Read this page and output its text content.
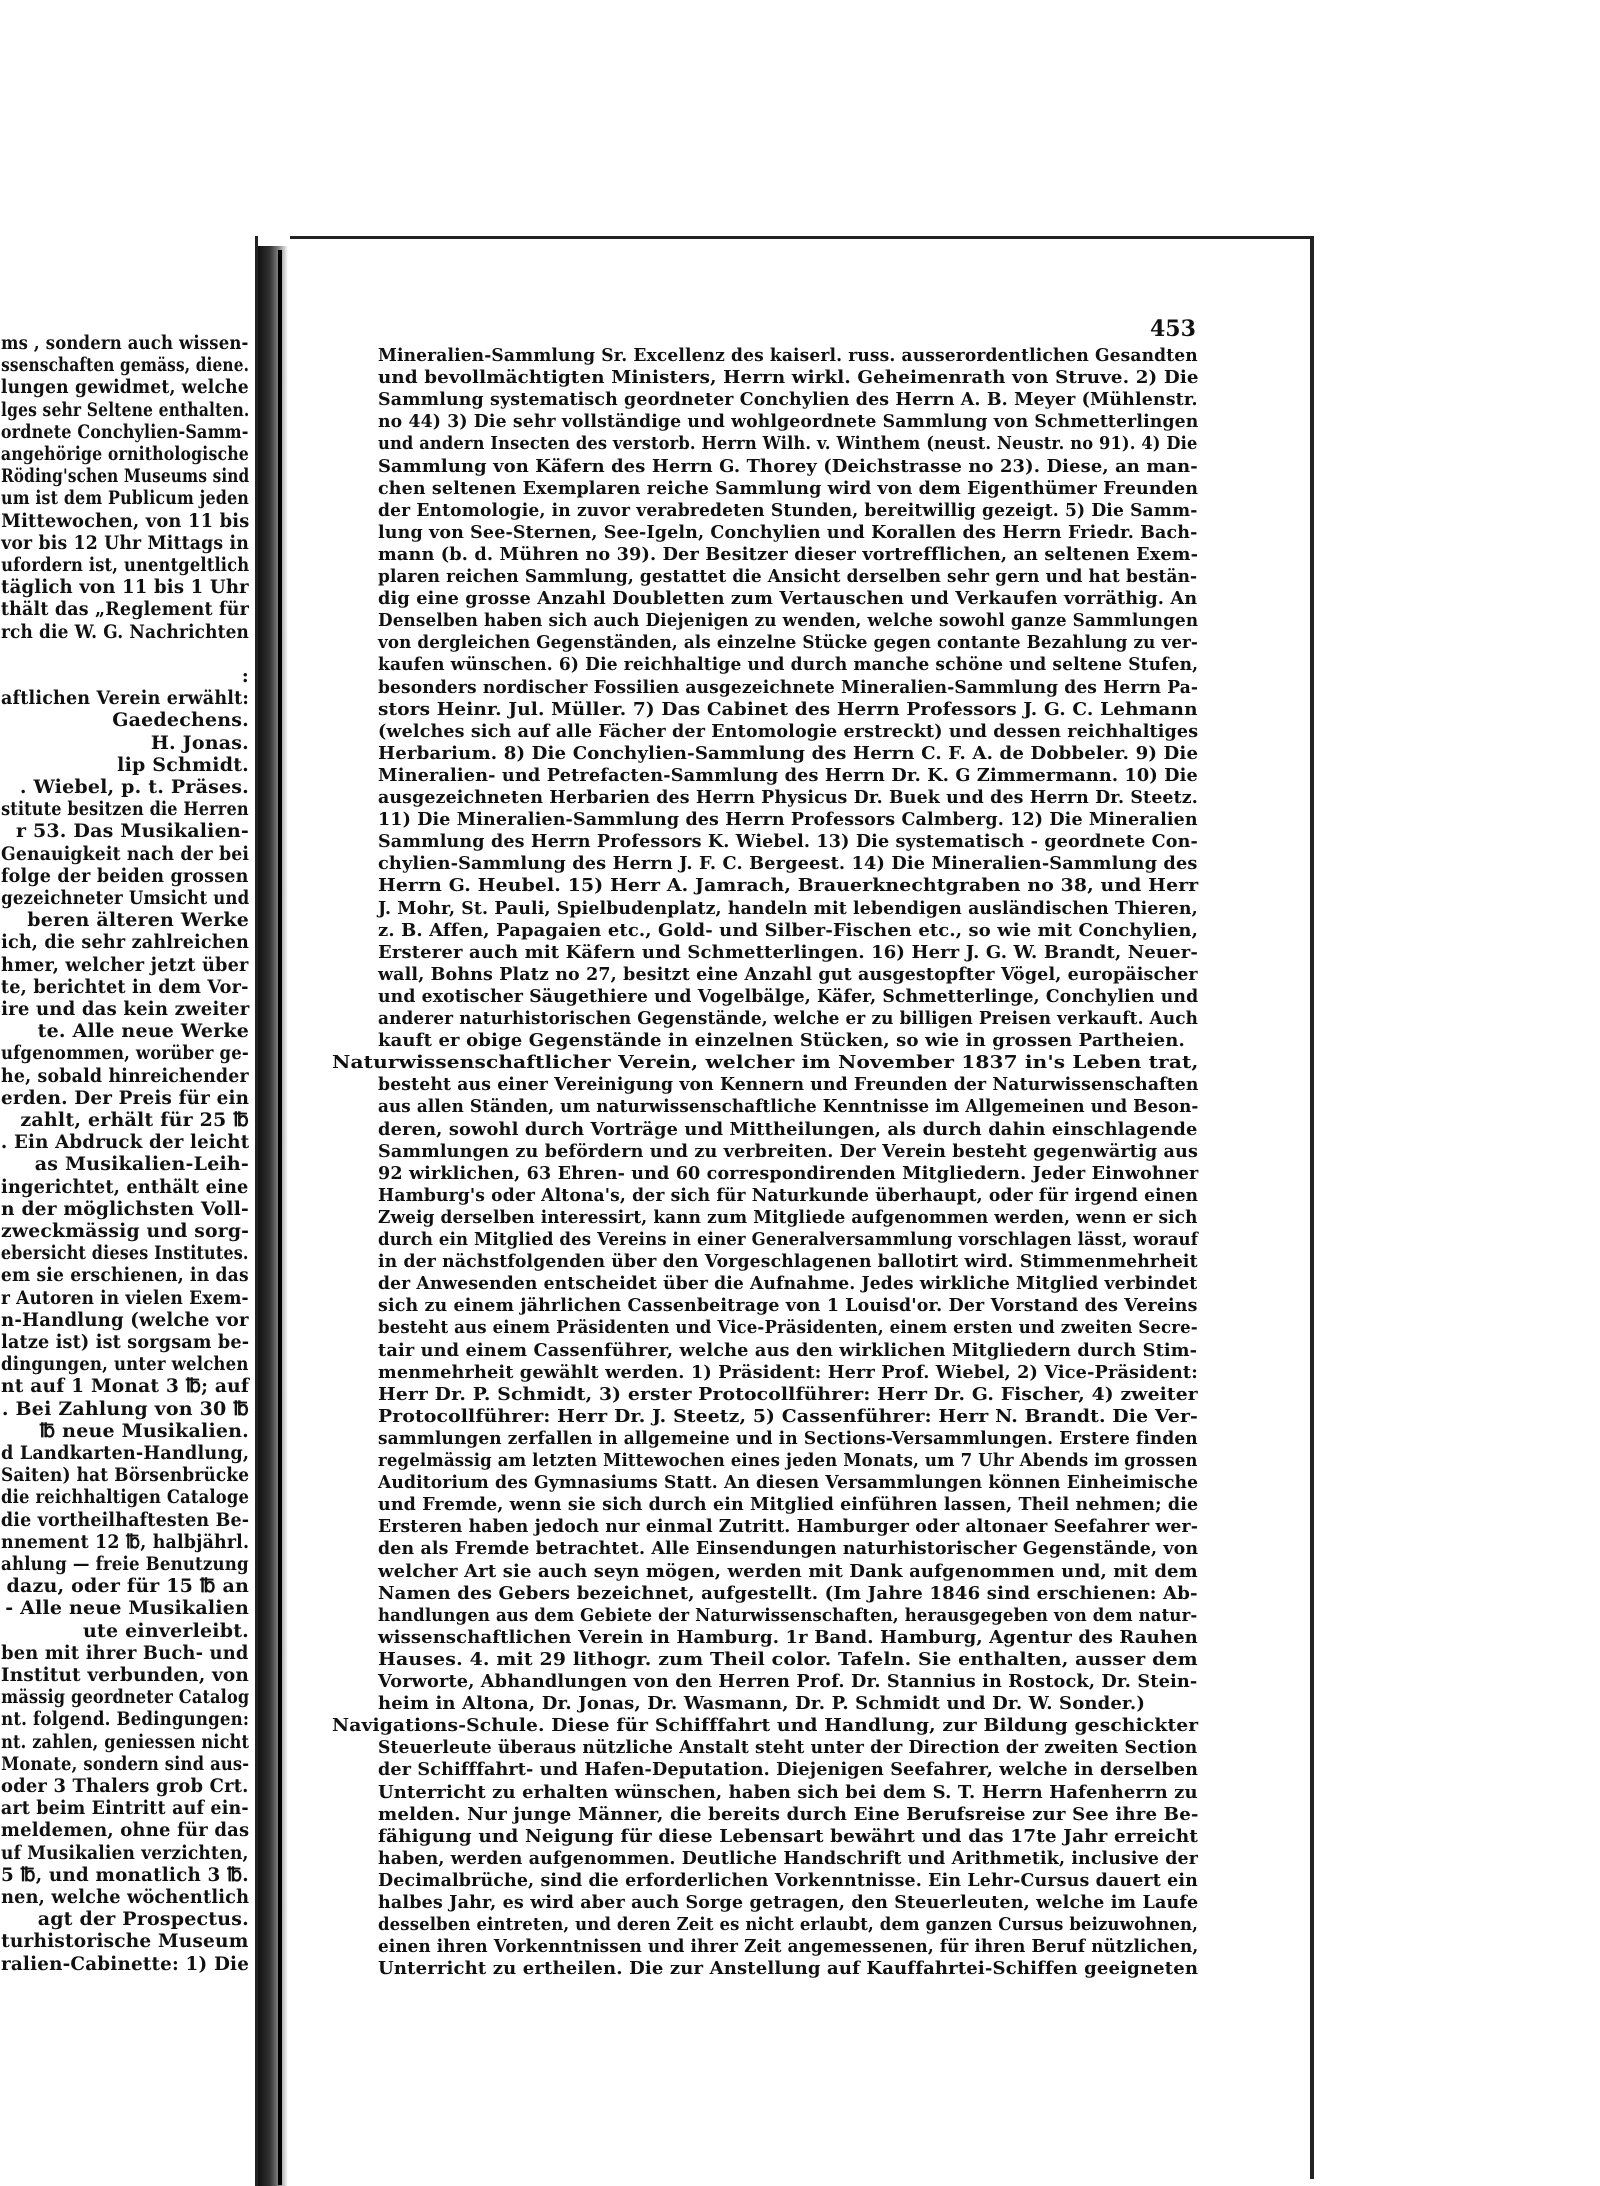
ms , sondern auch wissen-
ssenschaften gemäss, diene.
lungen gewidmet, welche
lges sehr Seltene enthalten.
ordnete Conchylien-Samm-
angehörige ornithologische
Röding'schen Museums sind
um ist dem Publicum jeden
Mittewochen, von 11 bis
vor bis 12 Uhr Mittags in
ufordern ist, unentgeltlich
täglich von 11 bis 1 Uhr
thält das „Reglement für
rch die W. G. Nachrichten
:
aftlichen Verein erwählt:
Gaedechens.
H. Jonas.
lip Schmidt.
. Wiebel, p. t. Präses.
stitute besitzen die Herren
r 53. Das Musikalien-
Genauigkeit nach der bei
folge der beiden grossen
gezeichneter Umsicht und
beren älteren Werke
ich, die sehr zahlreichen
hmer, welcher jetzt über
te, berichtet in dem Vor-
ire und das kein zweiter
te. Alle neue Werke
ufgenommen, worüber ge-
he, sobald hinreichender
erden. Der Preis für ein
zahlt, erhält für 25 ℔
. Ein Abdruck der leicht
as Musikalien-Leih-
ingerichtet, enthält eine
n der möglichsten Voll-
zweckmässig und sorg-
ebersicht dieses Institutes.
em sie erschienen, in das
r Autoren in vielen Exem-
n-Handlung (welche vor
latze ist) ist sorgsam be-
dingungen, unter welchen
nt auf 1 Monat 3 ℔; auf
. Bei Zahlung von 30 ℔
℔ neue Musikalien.
d Landkarten-Handlung,
Saiten) hat Börsenbrücke
die reichhaltigen Cataloge
die vortheilhaftesten Be-
nnement 12 ℔, halbjährl.
ahlung — freie Benutzung
dazu, oder für 15 ℔ an
- Alle neue Musikalien
ute einverleibt.
ben mit ihrer Buch- und
Institut verbunden, von
mässig geordneter Catalog
nt. folgend. Bedingungen:
nt. zahlen, geniessen nicht
Monate, sondern sind aus-
oder 3 Thalers grob Crt.
art beim Eintritt auf ein-
meldemen, ohne für das
uf Musikalien verzichten,
5 ℔, und monatlich 3 ℔.
nen, welche wöchentlich
agt der Prospectus.
turhistorische Museum
ralien-Cabinette: 1) Die
453
Mineralien-Sammlung Sr. Excellenz des kaiserl. russ. ausserordentlichen Gesandten
und bevollmächtigten Ministers, Herrn wirkl. Geheimenrath von Struve. 2) Die
Sammlung systematisch geordneter Conchylien des Herrn A. B. Meyer (Mühlenstr.
no 44) 3) Die sehr vollständige und wohlgeordnete Sammlung von Schmetterlingen
und andern Insecten des verstorb. Herrn Wilh. v. Winthem (neust. Neustr. no 91). 4) Die
Sammlung von Käfern des Herrn G. Thorey (Deichstrasse no 23). Diese, an man-
chen seltenen Exemplaren reiche Sammlung wird von dem Eigenthümer Freunden
der Entomologie, in zuvor verabredeten Stunden, bereitwillig gezeigt. 5) Die Samm-
lung von See-Sternen, See-Igeln, Conchylien und Korallen des Herrn Friedr. Bach-
mann (b. d. Mühren no 39). Der Besitzer dieser vortrefflichen, an seltenen Exem-
plaren reichen Sammlung, gestattet die Ansicht derselben sehr gern und hat bestän-
dig eine grosse Anzahl Doubletten zum Vertauschen und Verkaufen vorräthig. An
Denselben haben sich auch Diejenigen zu wenden, welche sowohl ganze Sammlungen
von dergleichen Gegenständen, als einzelne Stücke gegen contante Bezahlung zu ver-
kaufen wünschen. 6) Die reichhaltige und durch manche schöne und seltene Stufen,
besonders nordischer Fossilien ausgezeichnete Mineralien-Sammlung des Herrn Pa-
stors Heinr. Jul. Müller. 7) Das Cabinet des Herrn Professors J. G. C. Lehmann
(welches sich auf alle Fächer der Entomologie erstreckt) und dessen reichhaltiges
Herbarium. 8) Die Conchylien-Sammlung des Herrn C. F. A. de Dobbeler. 9) Die
Mineralien- und Petrefacten-Sammlung des Herrn Dr. K. G Zimmermann. 10) Die
ausgezeichneten Herbarien des Herrn Physicus Dr. Buek und des Herrn Dr. Steetz.
11) Die Mineralien-Sammlung des Herrn Professors Calmberg. 12) Die Mineralien
Sammlung des Herrn Professors K. Wiebel. 13) Die systematisch - geordnete Con-
chylien-Sammlung des Herrn J. F. C. Bergeest. 14) Die Mineralien-Sammlung des
Herrn G. Heubel. 15) Herr A. Jamrach, Brauerknechtgraben no 38, und Herr
J. Mohr, St. Pauli, Spielbudenplatz, handeln mit lebendigen ausländischen Thieren,
z. B. Affen, Papagaien etc., Gold- und Silber-Fischen etc., so wie mit Conchylien,
Ersterer auch mit Käfern und Schmetterlingen. 16) Herr J. G. W. Brandt, Neuer-
wall, Bohns Platz no 27, besitzt eine Anzahl gut ausgestopfter Vögel, europäischer
und exotischer Säugethiere und Vogelbälge, Käfer, Schmetterlinge, Conchylien und
anderer naturhistorischen Gegenstände, welche er zu billigen Preisen verkauft. Auch
kauft er obige Gegenstände in einzelnen Stücken, so wie in grossen Partheien.
Naturwissenschaftlicher Verein, welcher im November 1837 in's Leben trat,
besteht aus einer Vereinigung von Kennern und Freunden der Naturwissenschaften
aus allen Ständen, um naturwissenschaftliche Kenntnisse im Allgemeinen und Beson-
deren, sowohl durch Vorträge und Mittheilungen, als durch dahin einschlagende
Sammlungen zu befördern und zu verbreiten. Der Verein besteht gegenwärtig aus
92 wirklichen, 63 Ehren- und 60 correspondirenden Mitgliedern. Jeder Einwohner
Hamburg's oder Altona's, der sich für Naturkunde überhaupt, oder für irgend einen
Zweig derselben interessirt, kann zum Mitgliede aufgenommen werden, wenn er sich
durch ein Mitglied des Vereins in einer Generalversammlung vorschlagen lässt, worauf
in der nächstfolgenden über den Vorgeschlagenen ballotirt wird. Stimmenmehrheit
der Anwesenden entscheidet über die Aufnahme. Jedes wirkliche Mitglied verbindet
sich zu einem jährlichen Cassenbeitrage von 1 Louisd'or. Der Vorstand des Vereins
besteht aus einem Präsidenten und Vice-Präsidenten, einem ersten und zweiten Secre-
tair und einem Cassenführer, welche aus den wirklichen Mitgliedern durch Stim-
menmehrheit gewählt werden. 1) Präsident: Herr Prof. Wiebel, 2) Vice-Präsident:
Herr Dr. P. Schmidt, 3) erster Protocollführer: Herr Dr. G. Fischer, 4) zweiter
Protocollführer: Herr Dr. J. Steetz, 5) Cassenführer: Herr N. Brandt. Die Ver-
sammlungen zerfallen in allgemeine und in Sections-Versammlungen. Erstere finden
regelmässig am letzten Mittewochen eines jeden Monats, um 7 Uhr Abends im grossen
Auditorium des Gymnasiums Statt. An diesen Versammlungen können Einheimische
und Fremde, wenn sie sich durch ein Mitglied einführen lassen, Theil nehmen; die
Ersteren haben jedoch nur einmal Zutritt. Hamburger oder altonaer Seefahrer wer-
den als Fremde betrachtet. Alle Einsendungen naturhistorischer Gegenstände, von
welcher Art sie auch seyn mögen, werden mit Dank aufgenommen und, mit dem
Namen des Gebers bezeichnet, aufgestellt. (Im Jahre 1846 sind erschienen: Ab-
handlungen aus dem Gebiete der Naturwissenschaften, herausgegeben von dem natur-
wissenschaftlichen Verein in Hamburg. 1r Band. Hamburg, Agentur des Rauhen
Hauses. 4. mit 29 lithogr. zum Theil color. Tafeln. Sie enthalten, ausser dem
Vorworte, Abhandlungen von den Herren Prof. Dr. Stannius in Rostock, Dr. Stein-
heim in Altona, Dr. Jonas, Dr. Wasmann, Dr. P. Schmidt und Dr. W. Sonder.)
Navigations-Schule. Diese für Schifffahrt und Handlung, zur Bildung geschickter
Steuerleute überaus nützliche Anstalt steht unter der Direction der zweiten Section
der Schifffahrt- und Hafen-Deputation. Diejenigen Seefahrer, welche in derselben
Unterricht zu erhalten wünschen, haben sich bei dem S. T. Herrn Hafenherrn zu
melden. Nur junge Männer, die bereits durch Eine Berufsreise zur See ihre Be-
fähigung und Neigung für diese Lebensart bewährt und das 17te Jahr erreicht
haben, werden aufgenommen. Deutliche Handschrift und Arithmetik, inclusive der
Decimalbrüche, sind die erforderlichen Vorkenntnisse. Ein Lehr-Cursus dauert ein
halbes Jahr, es wird aber auch Sorge getragen, den Steuerleuten, welche im Laufe
desselben eintreten, und deren Zeit es nicht erlaubt, dem ganzen Cursus beizuwohnen,
einen ihren Vorkenntnissen und ihrer Zeit angemessenen, für ihren Beruf nützlichen,
Unterricht zu ertheilen. Die zur Anstellung auf Kauffahrtei-Schiffen geeigneten
